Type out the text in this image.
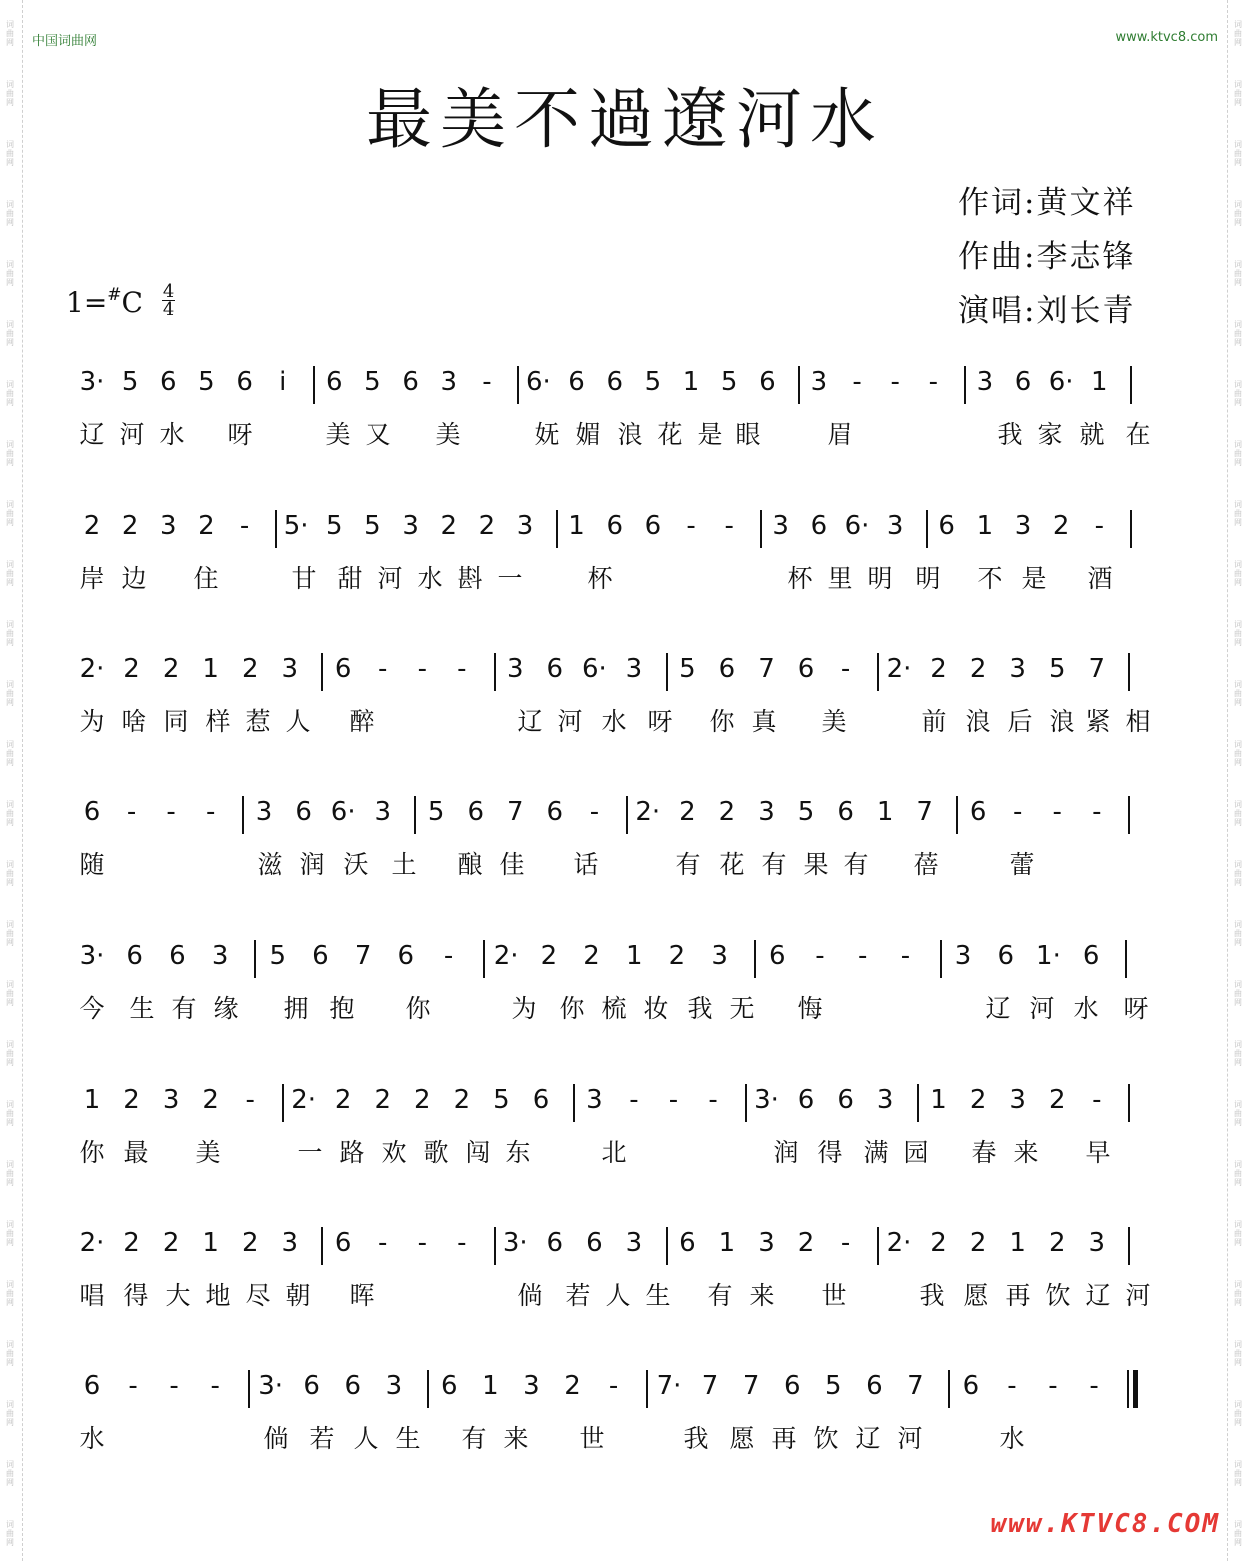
词曲网
词曲网
词曲网
词曲网
词曲网
词曲网
词曲网
词曲网
词曲网
词曲网
词曲网
词曲网
词曲网
词曲网
词曲网
词曲网
词曲网
词曲网
词曲网
词曲网
词曲网
词曲网
词曲网
词曲网
词曲网
词曲网
词曲网
词曲网
词曲网
词曲网
词曲网
词曲网
词曲网
词曲网
词曲网
词曲网
词曲网
词曲网
词曲网
词曲网
词曲网
词曲网
词曲网
词曲网
词曲网
词曲网
词曲网
词曲网
词曲网
词曲网
词曲网
词曲网
中国词曲网	www.ktvc8.com
最美不過遼河水
作词:黄文祥
作曲:李志锋
演唱:刘长青
$1=^{\#}C \frac{4}{4}$
3· 5 6 5 6 i 6 5 6 3 - 6· 6 6 5 1 5 6 3 - - - 3 6 6· 1
辽 河 水 呀	美 又 美	妩 媚 浪 花 是 眼	眉	我 家 就 在
2 2 3 2 - 5· 5 5 3 2 2 3 1 6 6 - - 3 6 6· 3 6 1 3 2 -
岸 边 住	甘 甜 河 水 斟 一	杯	杯 里 明 明 不 是 酒
2· 2 2 1 2 3 6 - - - 3 6 6· 3 5 6 7 6 - 2· 2 2 3 5 7
为 啥 同 样 惹 人 醉	辽 河 水 呀 你 真 美	前 浪 后 浪 紧 相
6 - - - 3 6 6· 3 5 6 7 6 - 2· 2 2 3 5 6 1 7 6 - - -
随	滋 润 沃 土 酿 佳 话	有 花 有 果 有 蓓	蕾
3· 6 6 3 5 6 7 6 - 2· 2 2 1 2 3 6 - - - 3 6 1· 6
今 生 有 缘 拥 抱 你	为 你 梳 妆 我 无 悔	辽 河 水 呀
1 2 3 2 - 2· 2 2 2 2 5 6 3 - - - 3· 6 6 3 1 2 3 2 -
你 最 美	一 路 欢 歌 闯 东	北	润 得 满 园 春 来 早
2· 2 2 1 2 3 6 - - - 3· 6 6 3 6 1 3 2 - 2· 2 2 1 2 3
唱 得 大 地 尽 朝 晖	倘 若 人 生 有 来 世	我 愿 再 饮 辽 河
6 - - - 3· 6 6 3 6 1 3 2 - 7· 7 7 6 5 6 7 6 - - -
水	倘 若 人 生 有 来 世	我 愿 再 饮 辽 河	水
www.KTVC8.COM
